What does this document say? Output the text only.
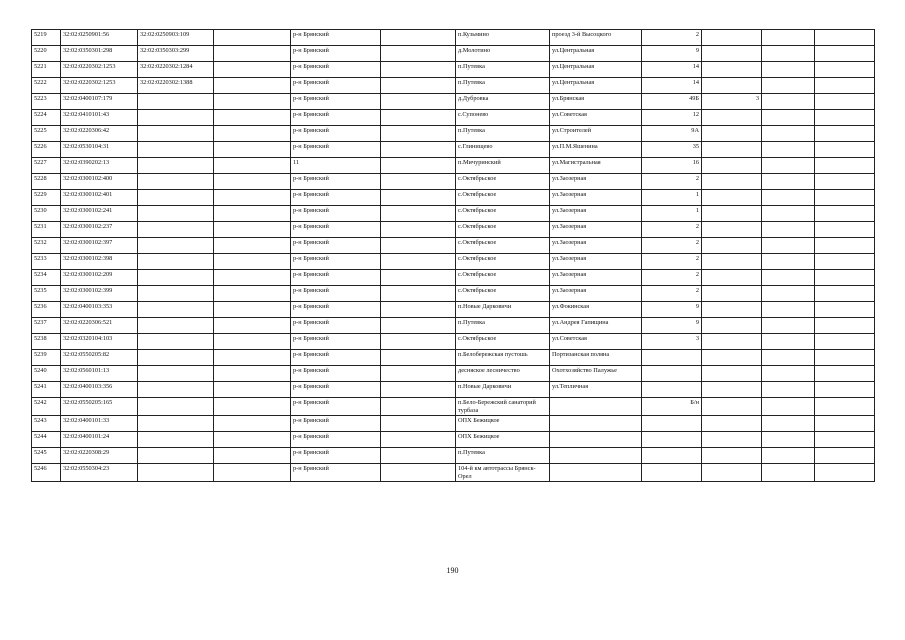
5219	32:02:0250901:56	32:02:0250903:109		р-н Брянский		п.Кузьмино	проезд 3-й Высоцкого	2			
5220	32:02:0350301:298	32:02:0350303:299		р-н Брянский		д.Молотино	ул.Центральная	9			
5221	32:02:0220302:1253	32:02:0220302:1284		р-н Брянский		п.Путевка	ул.Центральная	14			
5222	32:02:0220302:1253	32:02:0220302:1388		р-н Брянский		п.Путевка	ул.Центральная	14			
5223	32:02:0400107:179			р-н Брянский		д.Дубровка	ул.Брянская	49Б	3		
5224	32:02:0410101:43			р-н Брянский		с.Супонево	ул.Советская	12			
5225	32:02:0220306:42			р-н Брянский		п.Путевка	ул.Строителей	9А			
5226	32:02:0530104:31			р-н Брянский		с.Глинищево	ул.П.М.Яшенина	35			
5227	32:02:0390202:13			11		п.Мичуринский	ул.Магистральная	16			
5228	32:02:0300102:400			р-н Брянский		с.Октябрьское	ул.Заозерная	2			
5229	32:02:0300102:401			р-н Брянский		с.Октябрьское	ул.Заозерная	1			
5230	32:02:0300102:241			р-н Брянский		с.Октябрьское	ул.Заозерная	1			
5231	32:02:0300102:237			р-н Брянский		с.Октябрьское	ул.Заозерная	2			
5232	32:02:0300102:397			р-н Брянский		с.Октябрьское	ул.Заозерная	2			
5233	32:02:0300102:398			р-н Брянский		с.Октябрьское	ул.Заозерная	2			
5234	32:02:0300102:209			р-н Брянский		с.Октябрьское	ул.Заозерная	2			
5235	32:02:0300102:399			р-н Брянский		с.Октябрьское	ул.Заозерная	2			
5236	32:02:0400103:353			р-н Брянский		п.Новые Дарковичи	ул.Фокинская	9			
5237	32:02:0220306:521			р-н Брянский		п.Путевка	ул.Андрея Гапищина	9			
5238	32:02:0320104:103			р-н Брянский		с.Октябрьское	ул.Советская	3			
5239	32:02:0550205:82			р-н Брянский		п.Белобережская пустошь	Портизанская поляна				
5240	32:02:0560101:13			р-н Брянский		десняское лесничество	Охотхозяйство Палужье				
5241	32:02:0400103:356			р-н Брянский		п.Новые Дарковичи	ул.Тепличная				
5242	32:02:0550205:165			р-н Брянский		п.Бело-Бережский санаторий турбаза		Б/н			
5243	32:02:0400101:33			р-н Брянский		ОПХ Бежицкое					
5244	32:02:0400101:24			р-н Брянский		ОПХ Бежицкое					
5245	32:02:0220308:29			р-н Брянский		п.Путевка					
5246	32:02:0550304:23			р-н Брянский		104-й км автотрассы Брянск-Орел					
190
